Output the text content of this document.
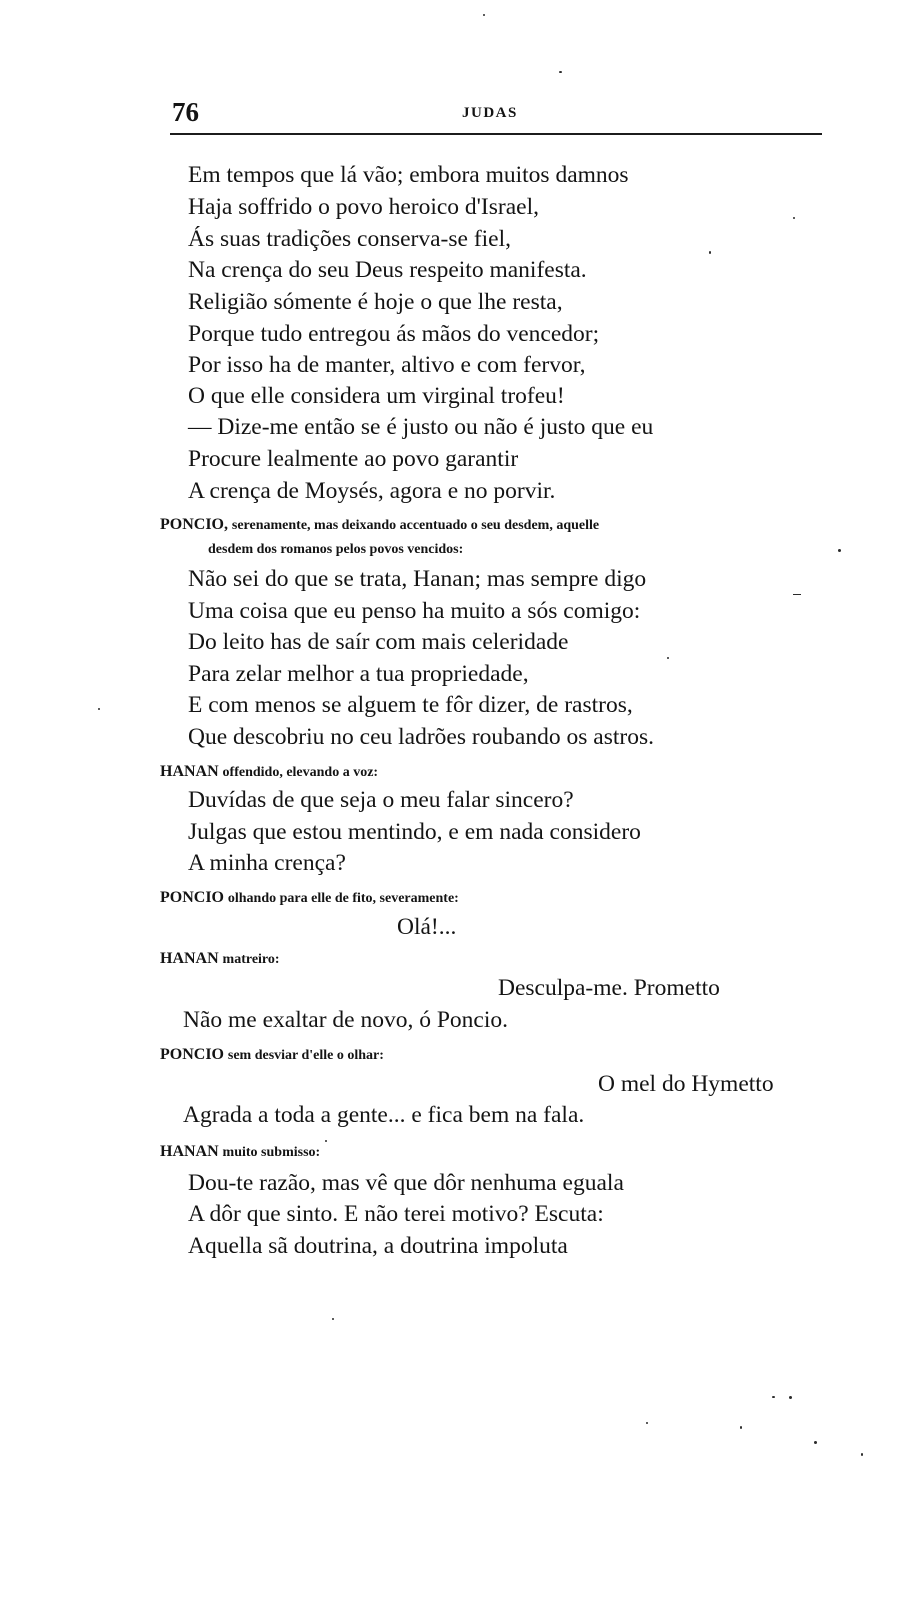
76	JUDAS
Em tempos que lá vão; embora muitos damnos
Haja soffrido o povo heroico d'Israel,
Ás suas tradições conserva-se fiel,
Na crença do seu Deus respeito manifesta.
Religião sómente é hoje o que lhe resta,
Porque tudo entregou ás mãos do vencedor;
Por isso ha de manter, altivo e com fervor,
O que elle considera um virginal trofeu!
— Dize-me então se é justo ou não é justo que eu
Procure lealmente ao povo garantir
A crença de Moysés, agora e no porvir.
PONCIO, serenamente, mas deixando accentuado o seu desdem, aquelle
desdem dos romanos pelos povos vencidos:
Não sei do que se trata, Hanan; mas sempre digo
Uma coisa que eu penso ha muito a sós comigo:
Do leito has de saír com mais celeridade
Para zelar melhor a tua propriedade,
E com menos se alguem te fôr dizer, de rastros,
Que descobriu no ceu ladrões roubando os astros.
HANAN offendido, elevando a voz:
Duvídas de que seja o meu falar sincero?
Julgas que estou mentindo, e em nada considero
A minha crença?
PONCIO olhando para elle de fito, severamente:
Olá!...
HANAN matreiro:
Desculpa-me. Prometto
Não me exaltar de novo, ó Poncio.
PONCIO sem desviar d'elle o olhar:
O mel do Hymetto
Agrada a toda a gente... e fica bem na fala.
HANAN muito submisso:
Dou-te razão, mas vê que dôr nenhuma eguala
A dôr que sinto. E não terei motivo? Escuta:
Aquella sã doutrina, a doutrina impoluta
